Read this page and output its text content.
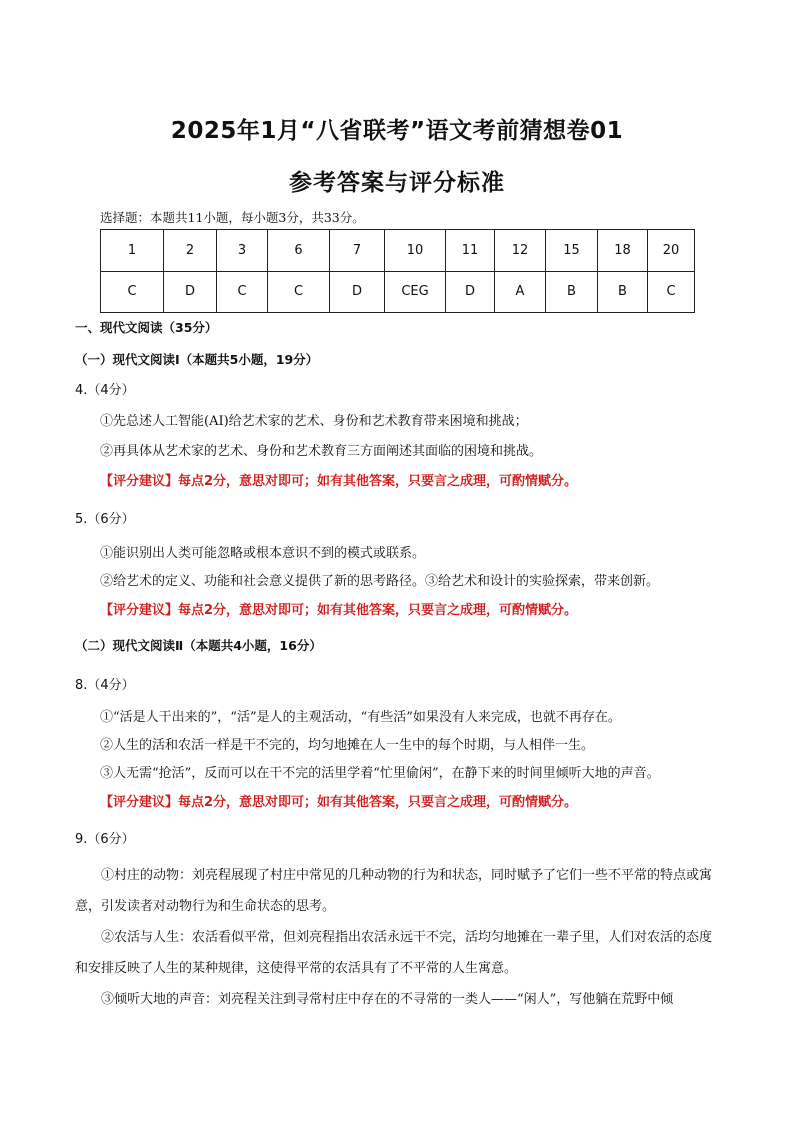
2025年1月“八省联考”语文考前猜想卷01
参考答案与评分标准
选择题：本题共11小题，每小题3分，共33分。
1	2	3	6	7	10	11	12	15	18	20
C	D	C	C	D	CEG	D	A	B	B	C
一、现代文阅读（35分）
（一）现代文阅读Ⅰ（本题共5小题，19分）
4.（4分）
①先总述人工智能(AI)给艺术家的艺术、身份和艺术教育带来困境和挑战；
②再具体从艺术家的艺术、身份和艺术教育三方面阐述其面临的困境和挑战。
【评分建议】每点2分，意思对即可；如有其他答案，只要言之成理，可酌情赋分。
5.（6分）
①能识别出人类可能忽略或根本意识不到的模式或联系。
②给艺术的定义、功能和社会意义提供了新的思考路径。③给艺术和设计的实验探索，带来创新。
【评分建议】每点2分，意思对即可；如有其他答案，只要言之成理，可酌情赋分。
（二）现代文阅读Ⅱ（本题共4小题，16分）
8.（4分）
①“活是人干出来的”，“活”是人的主观活动，“有些活”如果没有人来完成，也就不再存在。
②人生的活和农活一样是干不完的，均匀地摊在人一生中的每个时期，与人相伴一生。
③人无需“抢活”，反而可以在干不完的活里学着“忙里偷闲”，在静下来的时间里倾听大地的声音。
【评分建议】每点2分，意思对即可；如有其他答案，只要言之成理，可酌情赋分。
9.（6分）
①村庄的动物：刘亮程展现了村庄中常见的几种动物的行为和状态，同时赋予了它们一些不平常的特点或寓意，引发读者对动物行为和生命状态的思考。
②农活与人生：农活看似平常，但刘亮程指出农活永远干不完，活均匀地摊在一辈子里，人们对农活的态度和安排反映了人生的某种规律，这使得平常的农活具有了不平常的人生寓意。
③倾听大地的声音：刘亮程关注到寻常村庄中存在的不寻常的一类人——“闲人”，写他躺在荒野中倾
